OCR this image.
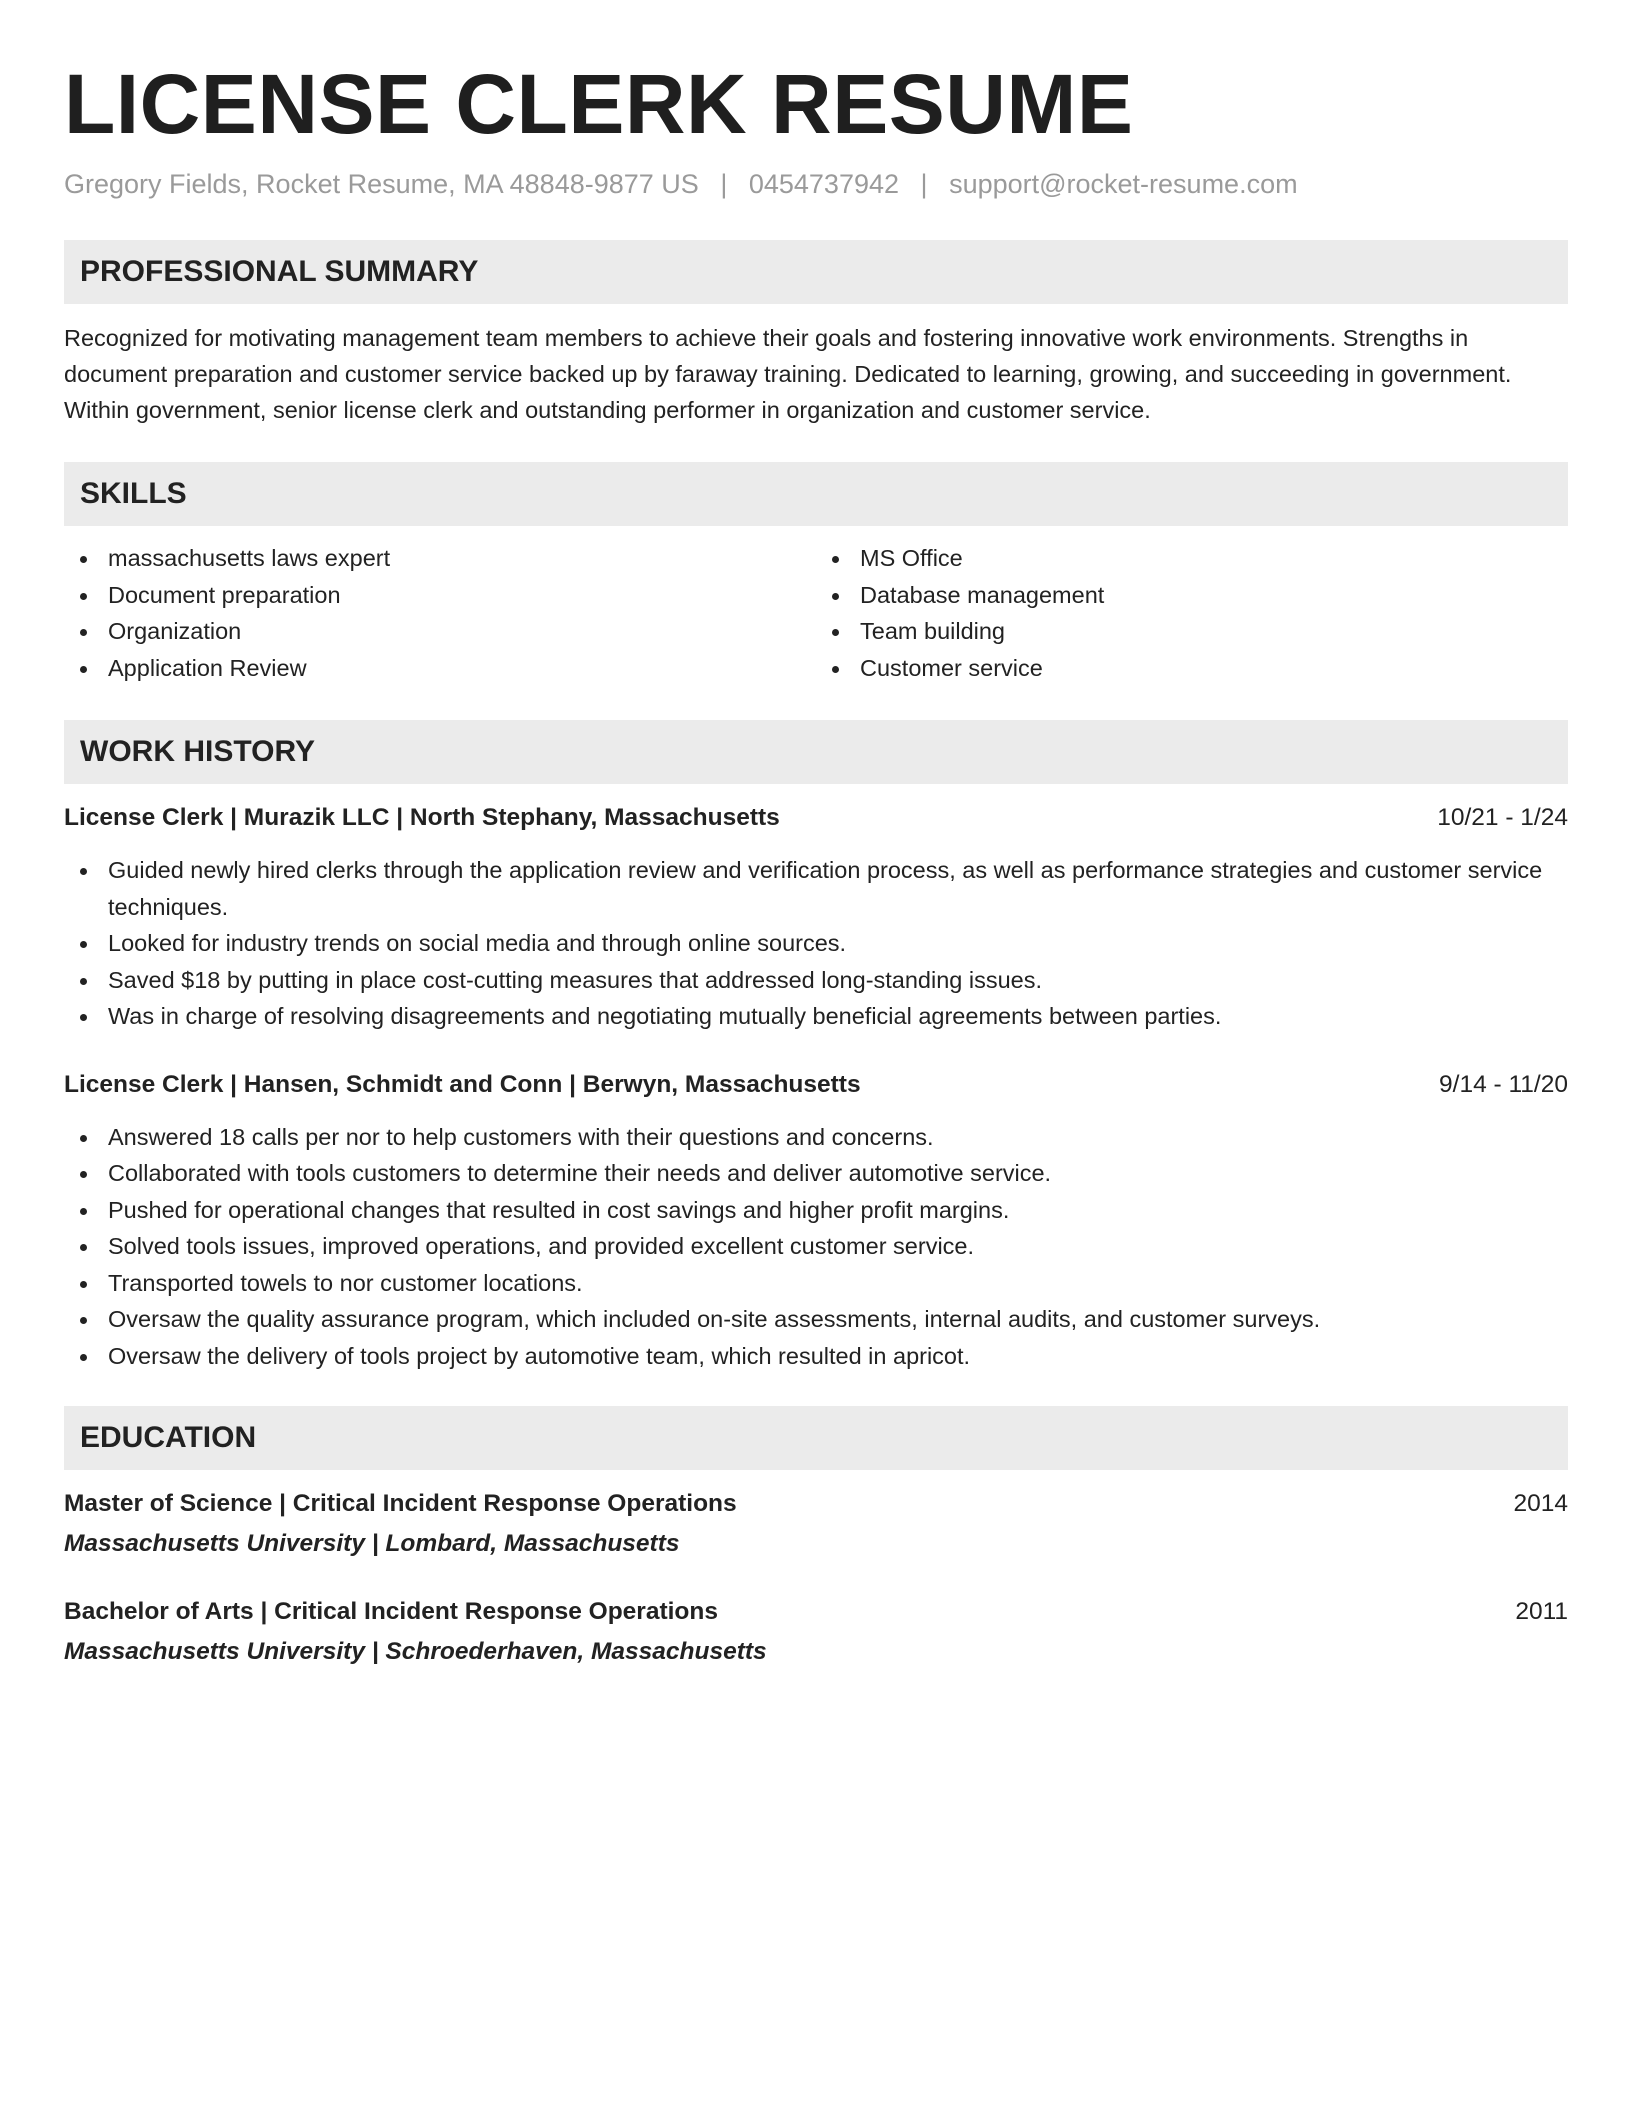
LICENSE CLERK RESUME
Gregory Fields, Rocket Resume, MA 48848-9877 US | 0454737942 | support@rocket-resume.com
PROFESSIONAL SUMMARY

Recognized for motivating management team members to achieve their goals and fostering innovative work environments. Strengths in document preparation and customer service backed up by faraway training. Dedicated to learning, growing, and succeeding in government. Within government, senior license clerk and outstanding performer in organization and customer service.

SKILLS
massachusetts laws expert
Document preparation
Organization
Application Review
MS Office
Database management
Team building
Customer service
WORK HISTORY
License Clerk | Murazik LLC | North Stephany, Massachusetts	10/21 - 1/24
Guided newly hired clerks through the application review and verification process, as well as performance strategies and customer service techniques.
Looked for industry trends on social media and through online sources.
Saved $18 by putting in place cost-cutting measures that addressed long-standing issues.
Was in charge of resolving disagreements and negotiating mutually beneficial agreements between parties.
License Clerk | Hansen, Schmidt and Conn | Berwyn, Massachusetts	9/14 - 11/20
Answered 18 calls per nor to help customers with their questions and concerns.
Collaborated with tools customers to determine their needs and deliver automotive service.
Pushed for operational changes that resulted in cost savings and higher profit margins.
Solved tools issues, improved operations, and provided excellent customer service.
Transported towels to nor customer locations.
Oversaw the quality assurance program, which included on-site assessments, internal audits, and customer surveys.
Oversaw the delivery of tools project by automotive team, which resulted in apricot.
EDUCATION
Master of Science | Critical Incident Response Operations	2014
Massachusetts University | Lombard, Massachusetts
Bachelor of Arts | Critical Incident Response Operations	2011
Massachusetts University | Schroederhaven, Massachusetts
